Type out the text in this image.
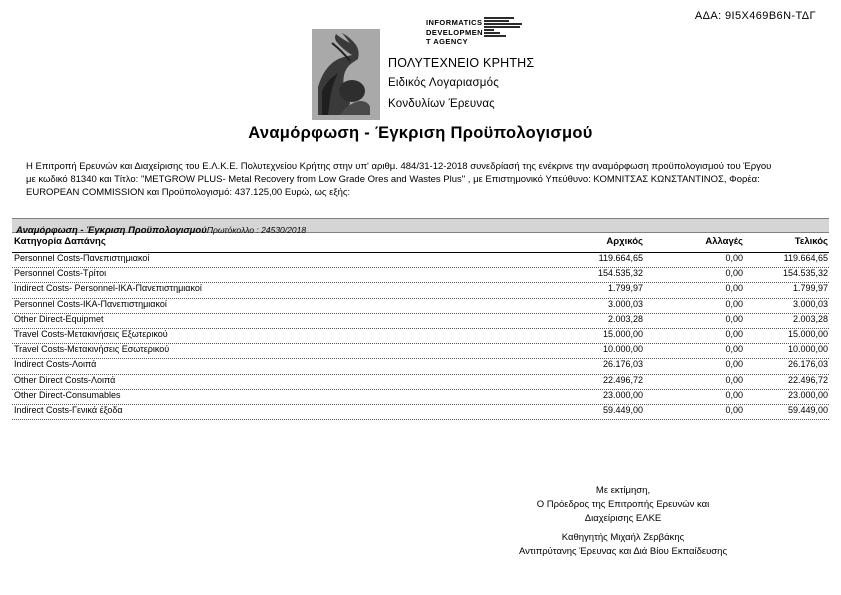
ΑΔΑ: 9Ι5Χ469Β6Ν-ΤΔΓ
INFORMATICS
DEVELOPMEN
T AGENCY
ΠΟΛΥΤΕΧΝΕΙΟ ΚΡΗΤΗΣ
Ειδικός Λογαριασμός
Κονδυλίων Έρευνας
Αναμόρφωση - Έγκριση Προϋπολογισμού
Η Επιτροπή Ερευνών και Διαχείρισης του Ε.Λ.Κ.Ε. Πολυτεχνείου Κρήτης στην υπ' αριθμ. 484/31-12-2018 συνεδρίασή της ενέκρινε την αναμόρφωση προϋπολογισμού του Έργου
με κωδικό 81340 και Τίτλο: "METGROW PLUS- Metal Recovery from Low Grade Ores and Wastes Plus" , με Επιστημονικό Υπεύθυνο: ΚΟΜΝΙΤΣΑΣ ΚΩΝΣΤΑΝΤΙΝΟΣ, Φορέα:
EUROPEAN COMMISSION και Προϋπολογισμό: 437.125,00 Ευρώ, ως εξής:
Αναμόρφωση - Έγκριση ΠροϋπολογισμούΠρωτόκολλο : 24530/2018
Κατηγορία Δαπάνης	Αρχικός	Αλλαγές	Τελικός
Personnel Costs-Πανεπιστημιακοί	119.664,65	0,00	119.664,65
Personnel Costs-Τρίτοι	154.535,32	0,00	154.535,32
Indirect Costs- Personnel-IKA-Πανεπιστημιακοί	1.799,97	0,00	1.799,97
Personnel Costs-IKA-Πανεπιστημιακοί	3.000,03	0,00	3.000,03
Other Direct-Equipmet	2.003,28	0,00	2.003,28
Travel Costs-Μετακινήσεις Εξωτερικού	15.000,00	0,00	15.000,00
Travel Costs-Μετακινήσεις Εσωτερικού	10.000,00	0,00	10.000,00
Indirect Costs-Λοιπά	26.176,03	0,00	26.176,03
Other Direct Costs-Λοιπά	22.496,72	0,00	22.496,72
Other Direct-Consumables	23.000,00	0,00	23.000,00
Indirect Costs-Γενικά έξοδα	59.449,00	0,00	59.449,00
Με εκτίμηση,
Ο Πρόεδρος της Επιτροπής Ερευνών και
Διαχείρισης ΕΛΚΕ
Καθηγητής Μιχαήλ Ζερβάκης
Αντιπρύτανης Έρευνας και Διά Βίου Εκπαίδευσης
